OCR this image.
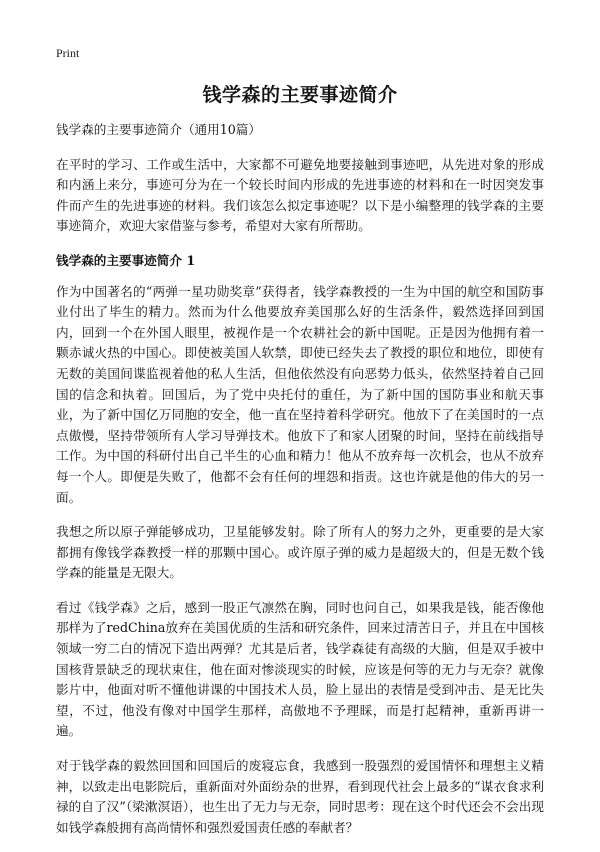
Print
钱学森的主要事迹简介

钱学森的主要事迹简介（通用10篇）

在平时的学习、工作或生活中，大家都不可避免地要接触到事迹吧，从先进对象的形成和内涵上来分，事迹可分为在一个较长时间内形成的先进事迹的材料和在一时因突发事件而产生的先进事迹的材料。我们该怎么拟定事迹呢？以下是小编整理的钱学森的主要事迹简介，欢迎大家借鉴与参考，希望对大家有所帮助。

钱学森的主要事迹简介 1

作为中国著名的“两弹一星功勋奖章”获得者，钱学森教授的一生为中国的航空和国防事业付出了毕生的精力。然而为什么他要放弃美国那么好的生活条件，毅然选择回到国内，回到一个在外国人眼里，被视作是一个农耕社会的新中国呢。正是因为他拥有着一颗赤诚火热的中国心。即使被美国人软禁，即使已经失去了教授的职位和地位，即使有无数的美国间谍监视着他的私人生活，但他依然没有向恶势力低头，依然坚持着自己回国的信念和执着。回国后，为了党中央托付的重任，为了新中国的国防事业和航天事业，为了新中国亿万同胞的安全，他一直在坚持着科学研究。他放下了在美国时的一点点傲慢，坚持带领所有人学习导弹技术。他放下了和家人团聚的时间，坚持在前线指导工作。为中国的科研付出自己半生的心血和精力！他从不放弃每一次机会，也从不放弃每一个人。即便是失败了，他都不会有任何的埋怨和指责。这也许就是他的伟大的另一面。

我想之所以原子弹能够成功，卫星能够发射。除了所有人的努力之外，更重要的是大家都拥有像钱学森教授一样的那颗中国心。或许原子弹的威力是超级大的，但是无数个钱学森的能量是无限大。

看过《钱学森》之后，感到一股正气凛然在胸，同时也问自己，如果我是钱，能否像他那样为了redChina放弃在美国优质的生活和研究条件，回来过清苦日子，并且在中国核领域一穷二白的情况下造出两弹？尤其是后者，钱学森徒有高级的大脑，但是双手被中国核背景缺乏的现状束住，他在面对惨淡现实的时候，应该是何等的无力与无奈？就像影片中，他面对听不懂他讲课的中国技术人员，脸上显出的表情是受到冲击、是无比失望，不过，他没有像对中国学生那样，高傲地不予理睬，而是打起精神，重新再讲一遍。

对于钱学森的毅然回国和回国后的废寝忘食，我感到一股强烈的爱国情怀和理想主义精神，以致走出电影院后，重新面对外面纷杂的世界，看到现代社会上最多的“谋衣食求利禄的自了汉”（梁漱溟语），也生出了无力与无奈，同时思考：现在这个时代还会不会出现如钱学森般拥有高尚情怀和强烈爱国责任感的奉献者？
